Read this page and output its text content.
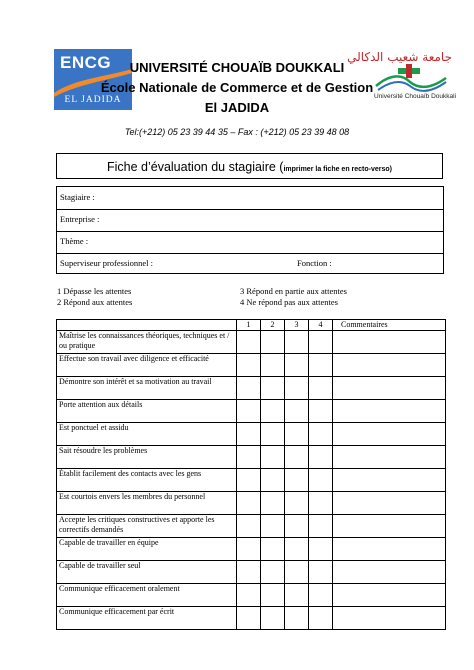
ENCG
EL JADIDA
UNIVERSITÉ CHOUAÏB DOUKKALI
École Nationale de Commerce et de Gestion
El JADIDA
جامعة شعيب الدكالي
Université Chouaïb Doukkali
Tel:(+212) 05 23 39 44 35 – Fax : (+212) 05 23 39 48 08
Fiche d’évaluation du stagiaire (imprimer la fiche en recto-verso)
Stagiaire :
Entreprise :
Thème :
Superviseur professionnel :	Fonction :
1 Dépasse les attentes
2 Répond aux attentes
3 Répond en partie aux attentes
4 Ne répond pas aux attentes
	1	2	3	4	Commentaires
Maîtrise les connaissances théoriques, techniques et / ou pratique					
Effectue son travail avec diligence et efficacité					
Démontre son intérêt et sa motivation au travail					
Porte attention aux détails					
Est ponctuel et assidu					
Sait résoudre les problèmes					
Établit facilement des contacts avec les gens					
Est courtois envers les membres du personnel					
Accepte les critiques constructives et apporte les correctifs demandés					
Capable de travailler en équipe					
Capable de travailler seul					
Communique efficacement oralement					
Communique efficacement par écrit					
